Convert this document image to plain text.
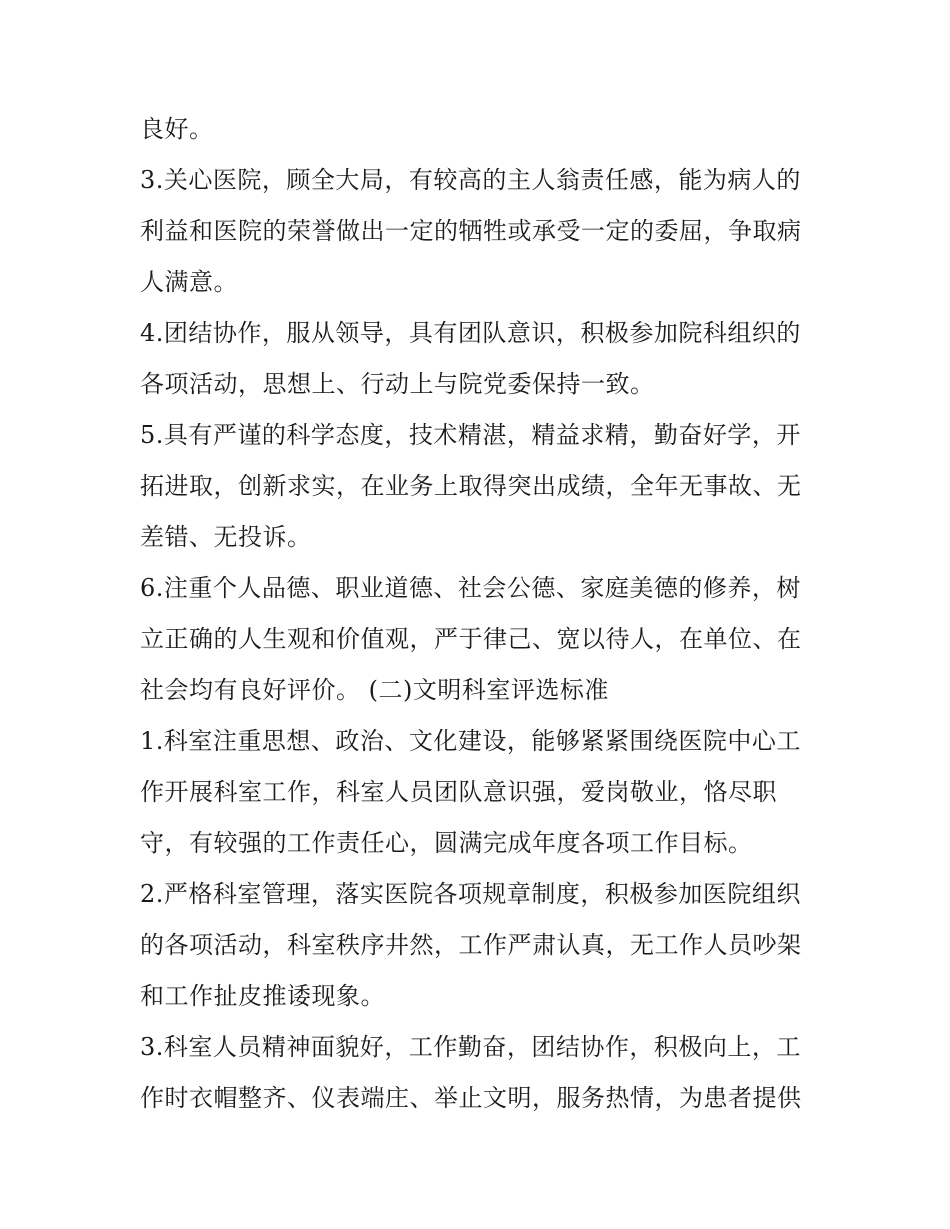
良好。
3.关心医院，顾全大局，有较高的主人翁责任感，能为病人的
利益和医院的荣誉做出一定的牺牲或承受一定的委屈，争取病
人满意。
4.团结协作，服从领导，具有团队意识，积极参加院科组织的
各项活动，思想上、行动上与院党委保持一致。
5.具有严谨的科学态度，技术精湛，精益求精，勤奋好学，开
拓进取，创新求实，在业务上取得突出成绩，全年无事故、无
差错、无投诉。
6.注重个人品德、职业道德、社会公德、家庭美德的修养，树
立正确的人生观和价值观，严于律己、宽以待人，在单位、在
社会均有良好评价。 (二)文明科室评选标准
1.科室注重思想、政治、文化建设，能够紧紧围绕医院中心工
作开展科室工作，科室人员团队意识强，爱岗敬业，恪尽职
守，有较强的工作责任心，圆满完成年度各项工作目标。
2.严格科室管理，落实医院各项规章制度，积极参加医院组织
的各项活动，科室秩序井然，工作严肃认真，无工作人员吵架
和工作扯皮推诿现象。
3.科室人员精神面貌好，工作勤奋，团结协作，积极向上，工
作时衣帽整齐、仪表端庄、举止文明，服务热情，为患者提供
